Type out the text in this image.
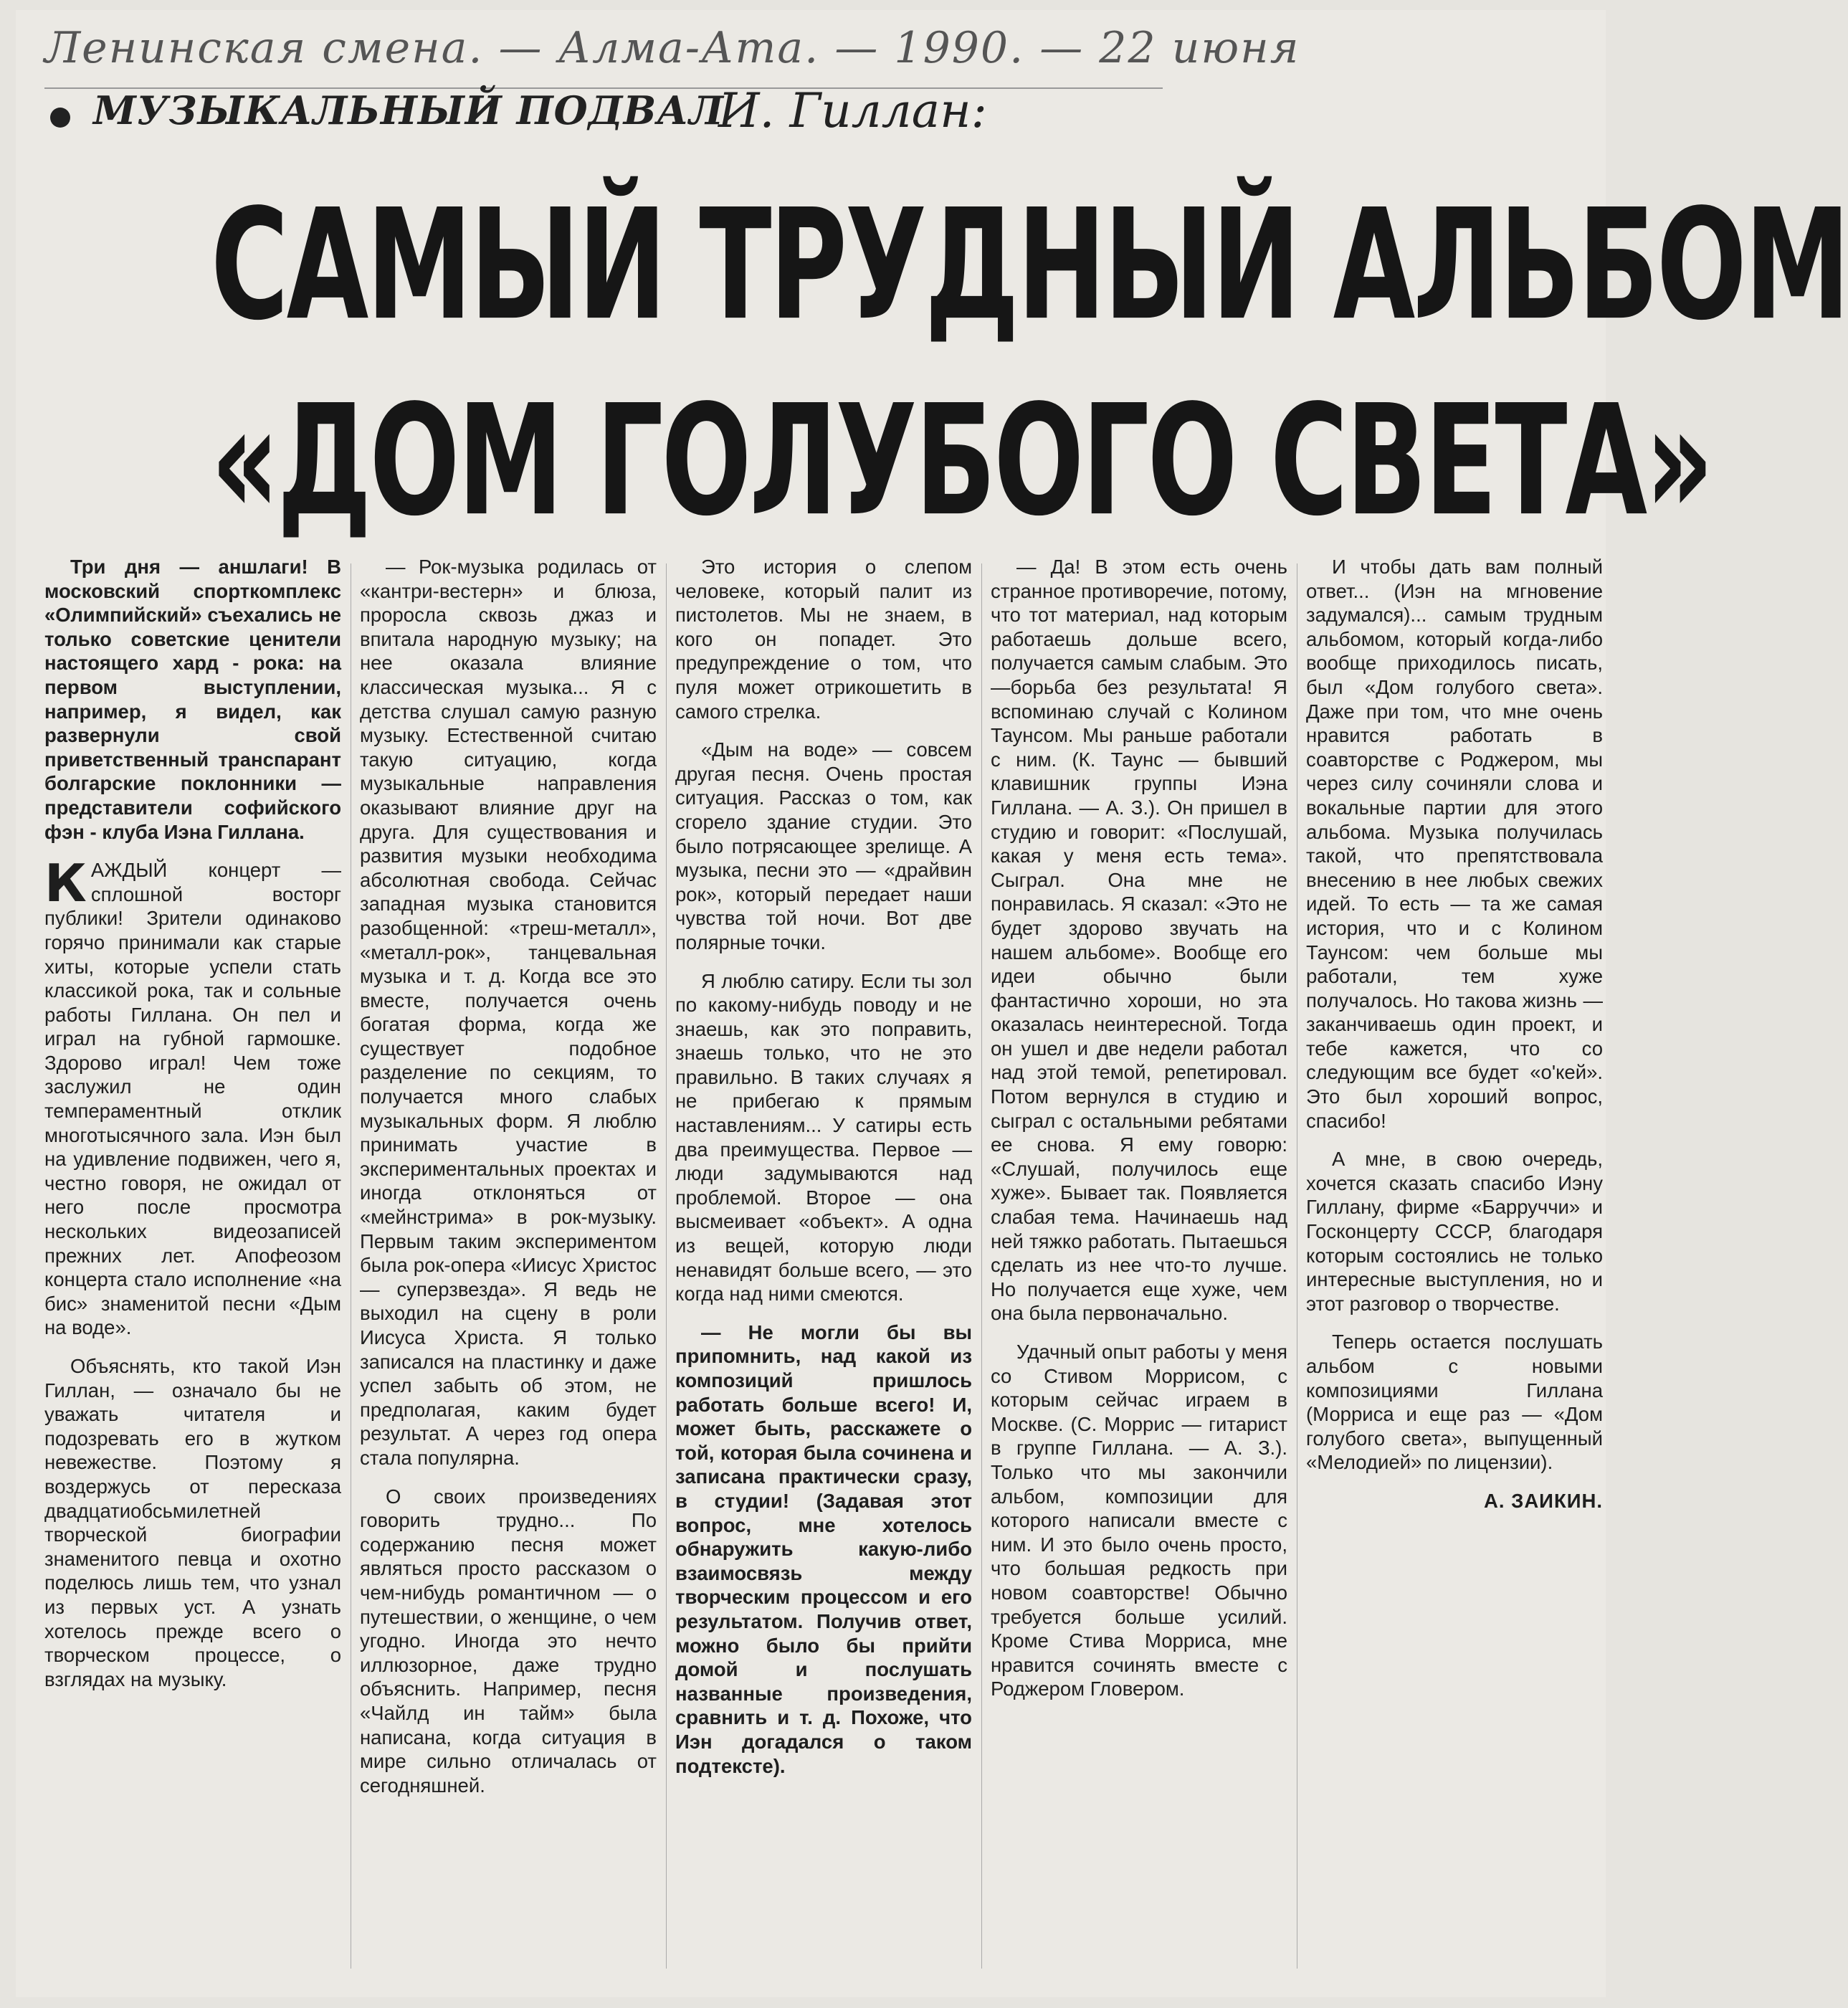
Ленинская смена. — Алма-Ата. — 1990. — 22 июня
МУЗЫКАЛЬНЫЙ ПОДВАЛ
И. Гиллан:
САМЫЙ ТРУДНЫЙ АЛЬБОМ
«ДОМ ГОЛУБОГО СВЕТА»

Три дня — аншлаги! В московский спорткомплекс «Олимпийский» съехались не только советские ценители настоящего хард - рока: на первом выступлении, например, я видел, как развернули свой приветственный транспарант болгарские поклонники — представители софийского фэн - клуба Иэна Гиллана.

КАЖДЫЙ концерт — сплошной восторг публики! Зрители одинаково горячо принимали как старые хиты, которые успели стать классикой рока, так и сольные работы Гиллана. Он пел и играл на губной гармошке. Здорово играл! Чем тоже заслужил не один темпераментный отклик многотысячного зала. Иэн был на удивление подвижен, чего я, честно говоря, не ожидал от него после просмотра нескольких видеозаписей прежних лет. Апофеозом концерта стало исполнение «на бис» знаменитой песни «Дым на воде».

Объяснять, кто такой Иэн Гиллан, — означало бы не уважать читателя и подозревать его в жутком невежестве. Поэтому я воздержусь от пересказа двадцатиобсьмилетней творческой биографии знаменитого певца и охотно поделюсь лишь тем, что узнал из первых уст. А узнать хотелось прежде всего о творческом процессе, о взглядах на музыку.

— Рок-музыка родилась от «кантри-вестерн» и блюза, проросла сквозь джаз и впитала народную музыку; на нее оказала влияние классическая музыка... Я с детства слушал самую разную музыку. Естественной считаю такую ситуацию, когда музыкальные направления оказывают влияние друг на друга. Для существования и развития музыки необходима абсолютная свобода. Сейчас западная музыка становится разобщенной: «треш-металл», «металл-рок», танцевальная музыка и т. д. Когда все это вместе, получается очень богатая форма, когда же существует подобное разделение по секциям, то получается много слабых музыкальных форм. Я люблю принимать участие в экспериментальных проектах и иногда отклоняться от «мейнстрима» в рок-музыку. Первым таким экспериментом была рок-опера «Иисус Христос — суперзвезда». Я ведь не выходил на сцену в роли Иисуса Христа. Я только записался на пластинку и даже успел забыть об этом, не предполагая, каким будет результат. А через год опера стала популярна.

О своих произведениях говорить трудно... По содержанию песня может являться просто рассказом о чем-нибудь романтичном — о путешествии, о женщине, о чем угодно. Иногда это нечто иллюзорное, даже трудно объяснить. Например, песня «Чайлд ин тайм» была написана, когда ситуация в мире сильно отличалась от сегодняшней.

Это история о слепом человеке, который палит из пистолетов. Мы не знаем, в кого он попадет. Это предупреждение о том, что пуля может отрикошетить в самого стрелка.

«Дым на воде» — совсем другая песня. Очень простая ситуация. Рассказ о том, как сгорело здание студии. Это было потрясающее зрелище. А музыка, песни это — «драйвин рок», который передает наши чувства той ночи. Вот две полярные точки.

Я люблю сатиру. Если ты зол по какому-нибудь поводу и не знаешь, как это поправить, знаешь только, что не это правильно. В таких случаях я не прибегаю к прямым наставлениям... У сатиры есть два преимущества. Первое — люди задумываются над проблемой. Второе — она высмеивает «объект». А одна из вещей, которую люди ненавидят больше всего, — это когда над ними смеются.

— Не могли бы вы припомнить, над какой из композиций пришлось работать больше всего! И, может быть, расскажете о той, которая была сочинена и записана практически сразу, в студии! (Задавая этот вопрос, мне хотелось обнаружить какую-либо взаимосвязь между творческим процессом и его результатом. Получив ответ, можно было бы прийти домой и послушать названные произведения, сравнить и т. д. Похоже, что Иэн догадался о таком подтексте).

— Да! В этом есть очень странное противоречие, потому, что тот материал, над которым работаешь дольше всего, получается самым слабым. Это—борьба без результата! Я вспоминаю случай с Колином Таунсом. Мы раньше работали с ним. (К. Таунс — бывший клавишник группы Иэна Гиллана. — А. З.). Он пришел в студию и говорит: «Послушай, какая у меня есть тема». Сыграл. Она мне не понравилась. Я сказал: «Это не будет здорово звучать на нашем альбоме». Вообще его идеи обычно были фантастично хороши, но эта оказалась неинтересной. Тогда он ушел и две недели работал над этой темой, репетировал. Потом вернулся в студию и сыграл с остальными ребятами ее снова. Я ему говорю: «Слушай, получилось еще хуже». Бывает так. Появляется слабая тема. Начинаешь над ней тяжко работать. Пытаешься сделать из нее что-то лучше. Но получается еще хуже, чем она была первоначально.

Удачный опыт работы у меня со Стивом Моррисом, с которым сейчас играем в Москве. (С. Моррис — гитарист в группе Гиллана. — А. З.). Только что мы закончили альбом, композиции для которого написали вместе с ним. И это было очень просто, что большая редкость при новом соавторстве! Обычно требуется больше усилий. Кроме Стива Морриса, мне нравится сочинять вместе с Роджером Гловером.

И чтобы дать вам полный ответ... (Иэн на мгновение задумался)... самым трудным альбомом, который когда-либо вообще приходилось писать, был «Дом голубого света». Даже при том, что мне очень нравится работать в соавторстве с Роджером, мы через силу сочиняли слова и вокальные партии для этого альбома. Музыка получилась такой, что препятствовала внесению в нее любых свежих идей. То есть — та же самая история, что и с Колином Таунсом: чем больше мы работали, тем хуже получалось. Но такова жизнь — заканчиваешь один проект, и тебе кажется, что со следующим все будет «о'кей». Это был хороший вопрос, спасибо!

А мне, в свою очередь, хочется сказать спасибо Иэну Гиллану, фирме «Барруччи» и Госконцерту СССР, благодаря которым состоялись не только интересные выступления, но и этот разговор о творчестве.

Теперь остается послушать альбом с новыми композициями Гиллана (Морриса и еще раз — «Дом голубого света», выпущенный «Мелодией» по лицензии).

А. ЗАИКИН.
